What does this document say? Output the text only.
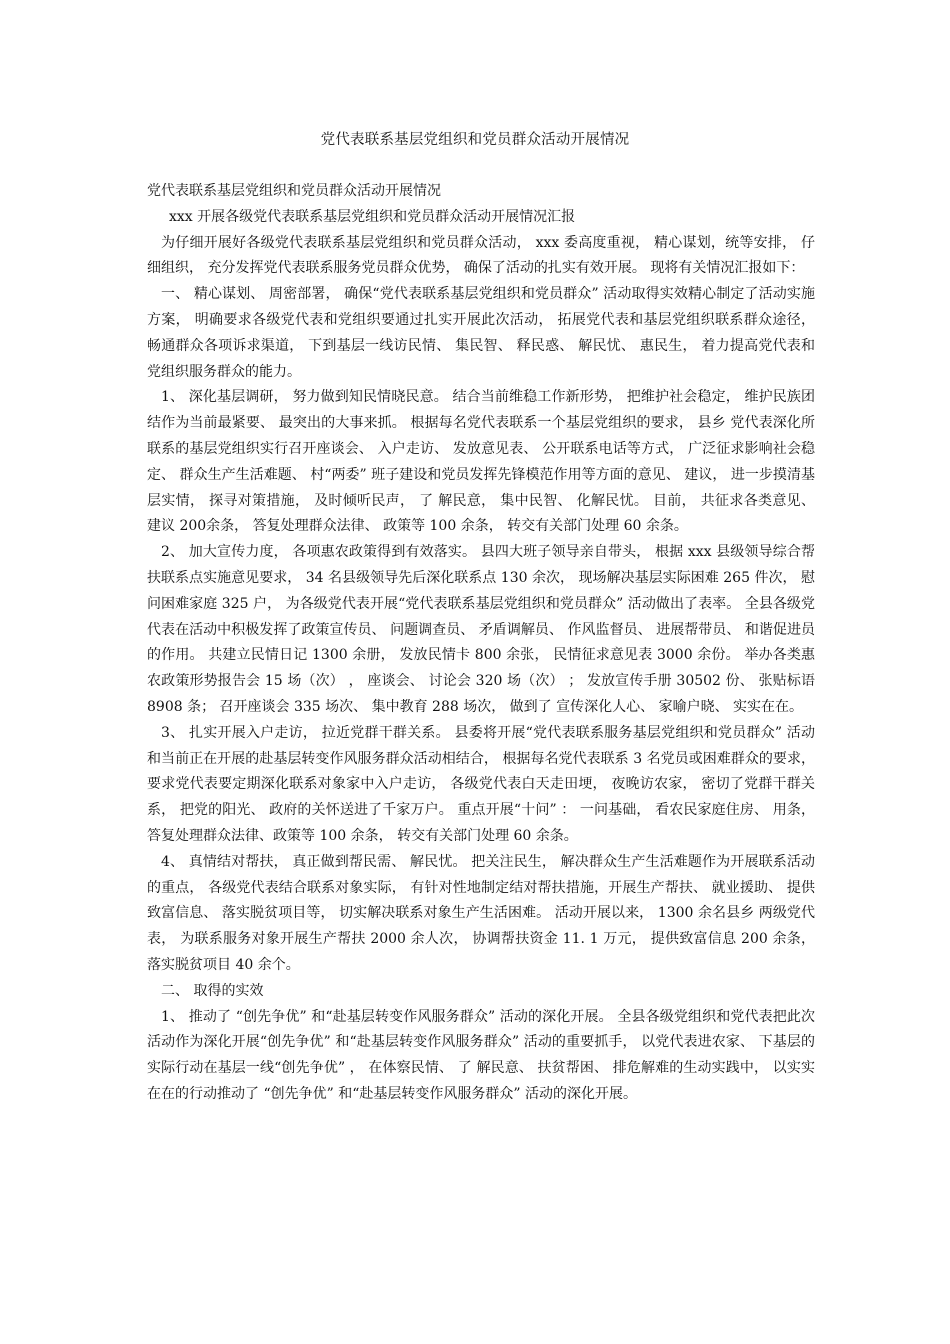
党代表联系基层党组织和党员群众活动开展情况

党代表联系基层党组织和党员群众活动开展情况

xxx 开展各级党代表联系基层党组织和党员群众活动开展情况汇报

为仔细开展好各级党代表联系基层党组织和党员群众活动， xxx 委高度重视， 精心谋划，统等安排， 仔细组织， 充分发挥党代表联系服务党员群众优势， 确保了活动的扎实有效开展。 现将有关情况汇报如下：

一、 精心谋划、 周密部署， 确保“党代表联系基层党组织和党员群众” 活动取得实效精心制定了活动实施方案， 明确要求各级党代表和党组织要通过扎实开展此次活动， 拓展党代表和基层党组织联系群众途径， 畅通群众各项诉求渠道， 下到基层一线访民情、 集民智、 释民惑、 解民忧、 惠民生， 着力提高党代表和党组织服务群众的能力。

1、 深化基层调研， 努力做到知民情晓民意。 结合当前维稳工作新形势， 把维护社会稳定， 维护民族团结作为当前最紧要、 最突出的大事来抓。 根据每名党代表联系一个基层党组织的要求， 县乡 党代表深化所联系的基层党组织实行召开座谈会、 入户走访、 发放意见表、 公开联系电话等方式， 广泛征求影响社会稳定、 群众生产生活难题、 村“两委” 班子建设和党员发挥先锋模范作用等方面的意见、 建议， 进一步摸清基层实情， 探寻对策措施， 及时倾听民声， 了 解民意， 集中民智、 化解民忧。 目前， 共征求各类意见、 建议 200余条， 答复处理群众法律、 政策等 100 余条， 转交有关部门处理 60 余条。

2、 加大宣传力度， 各项惠农政策得到有效落实。 县四大班子领导亲自带头， 根据 xxx 县级领导综合帮扶联系点实施意见要求， 34 名县级领导先后深化联系点 130 余次， 现场解决基层实际困难 265 件次， 慰问困难家庭 325 户， 为各级党代表开展“党代表联系基层党组织和党员群众” 活动做出了表率。 全县各级党代表在活动中积极发挥了政策宣传员、 问题调查员、 矛盾调解员、 作风监督员、 进展帮带员、 和谐促进员的作用。 共建立民情日记 1300 余册， 发放民情卡 800 余张， 民情征求意见表 3000 余份。 举办各类惠农政策形势报告会 15 场（次） ， 座谈会、 讨论会 320 场（次） ； 发放宣传手册 30502 份、 张贴标语8908 条； 召开座谈会 335 场次、 集中教育 288 场次， 做到了 宣传深化人心、 家喻户晓、 实实在在。

3、 扎实开展入户走访， 拉近党群干群关系。 县委将开展“党代表联系服务基层党组织和党员群众” 活动和当前正在开展的赴基层转变作风服务群众活动相结合， 根据每名党代表联系 3 名党员或困难群众的要求， 要求党代表要定期深化联系对象家中入户走访， 各级党代表白天走田埂， 夜晚访农家， 密切了党群干群关系， 把党的阳光、 政府的关怀送进了千家万户。 重点开展“十问” ： 一问基础， 看农民家庭住房、 用条， 答复处理群众法律、政策等 100 余条， 转交有关部门处理 60 余条。

4、 真情结对帮扶， 真正做到帮民需、 解民忧。 把关注民生， 解决群众生产生活难题作为开展联系活动的重点， 各级党代表结合联系对象实际， 有针对性地制定结对帮扶措施，开展生产帮扶、 就业援助、 提供致富信息、 落实脱贫项目等， 切实解决联系对象生产生活困难。 活动开展以来， 1300 余名县乡 两级党代表， 为联系服务对象开展生产帮扶 2000 余人次， 协调帮扶资金 11. 1 万元， 提供致富信息 200 余条， 落实脱贫项目 40 余个。

二、 取得的实效

1、 推动了 “创先争优” 和“赴基层转变作风服务群众” 活动的深化开展。 全县各级党组织和党代表把此次活动作为深化开展“创先争优” 和“赴基层转变作风服务群众” 活动的重要抓手， 以党代表进农家、 下基层的实际行动在基层一线“创先争优” ， 在体察民情、 了 解民意、 扶贫帮困、 排危解难的生动实践中， 以实实在在的行动推动了 “创先争优” 和“赴基层转变作风服务群众” 活动的深化开展。
